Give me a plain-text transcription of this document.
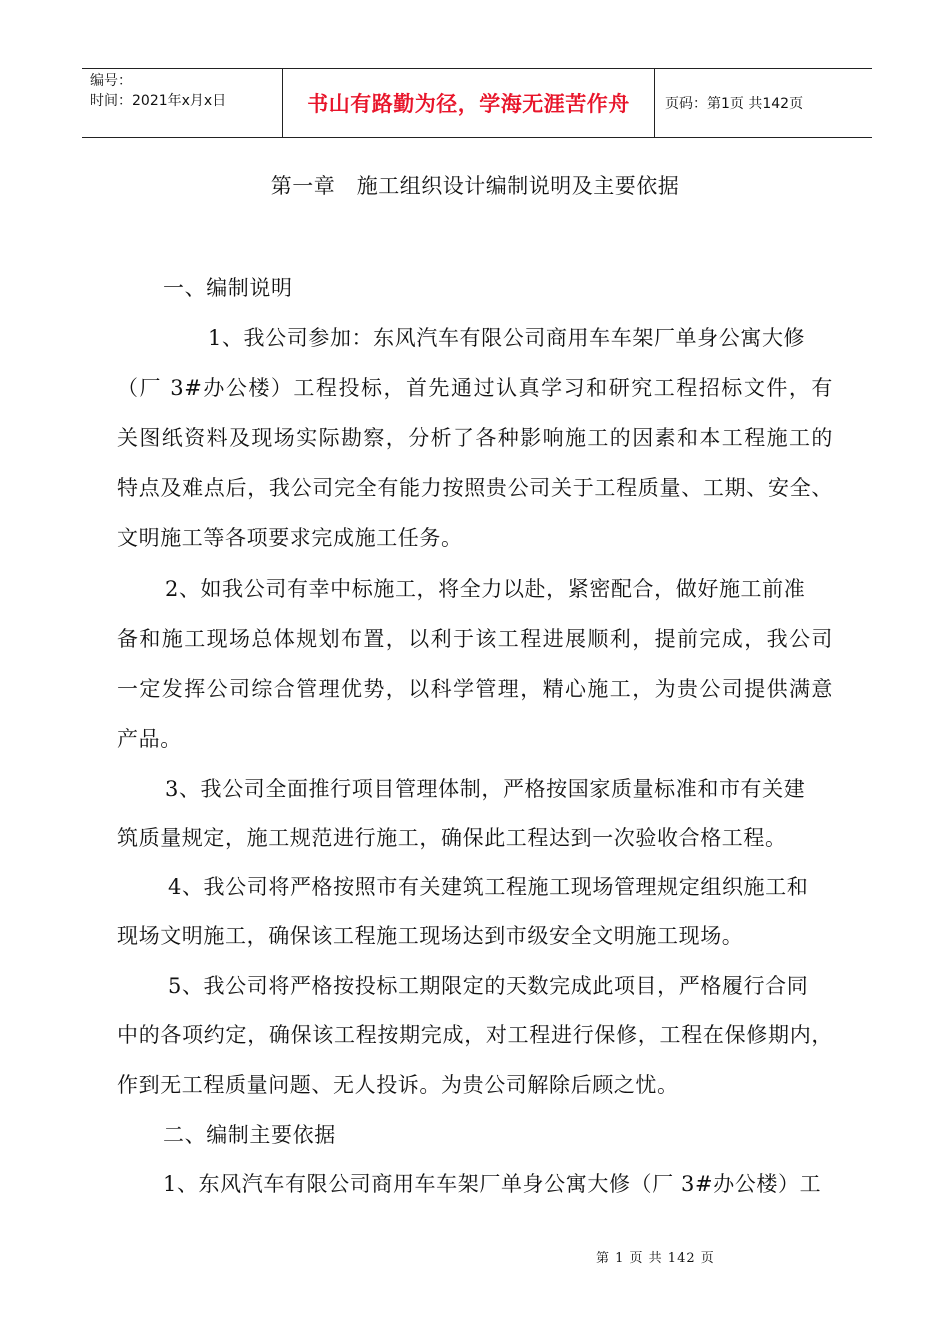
编号：
时间：2021年x月x日	书山有路勤为径，学海无涯苦作舟	页码：第1页 共142页
第一章　施工组织设计编制说明及主要依据
一、编制说明
1、我公司参加：东风汽车有限公司商用车车架厂单身公寓大修
（厂 3#办公楼）工程投标，首先通过认真学习和研究工程招标文件，有
关图纸资料及现场实际勘察，分析了各种影响施工的因素和本工程施工的
特点及难点后，我公司完全有能力按照贵公司关于工程质量、工期、安全、
文明施工等各项要求完成施工任务。
2、如我公司有幸中标施工，将全力以赴，紧密配合，做好施工前准
备和施工现场总体规划布置，以利于该工程进展顺利，提前完成，我公司
一定发挥公司综合管理优势，以科学管理，精心施工，为贵公司提供满意
产品。
3、我公司全面推行项目管理体制，严格按国家质量标准和市有关建
筑质量规定，施工规范进行施工，确保此工程达到一次验收合格工程。
4、我公司将严格按照市有关建筑工程施工现场管理规定组织施工和
现场文明施工，确保该工程施工现场达到市级安全文明施工现场。
5、我公司将严格按投标工期限定的天数完成此项目，严格履行合同
中的各项约定，确保该工程按期完成，对工程进行保修，工程在保修期内，
作到无工程质量问题、无人投诉。为贵公司解除后顾之忧。
二、编制主要依据
1、东风汽车有限公司商用车车架厂单身公寓大修（厂 3#办公楼）工
第 1 页 共 142 页
